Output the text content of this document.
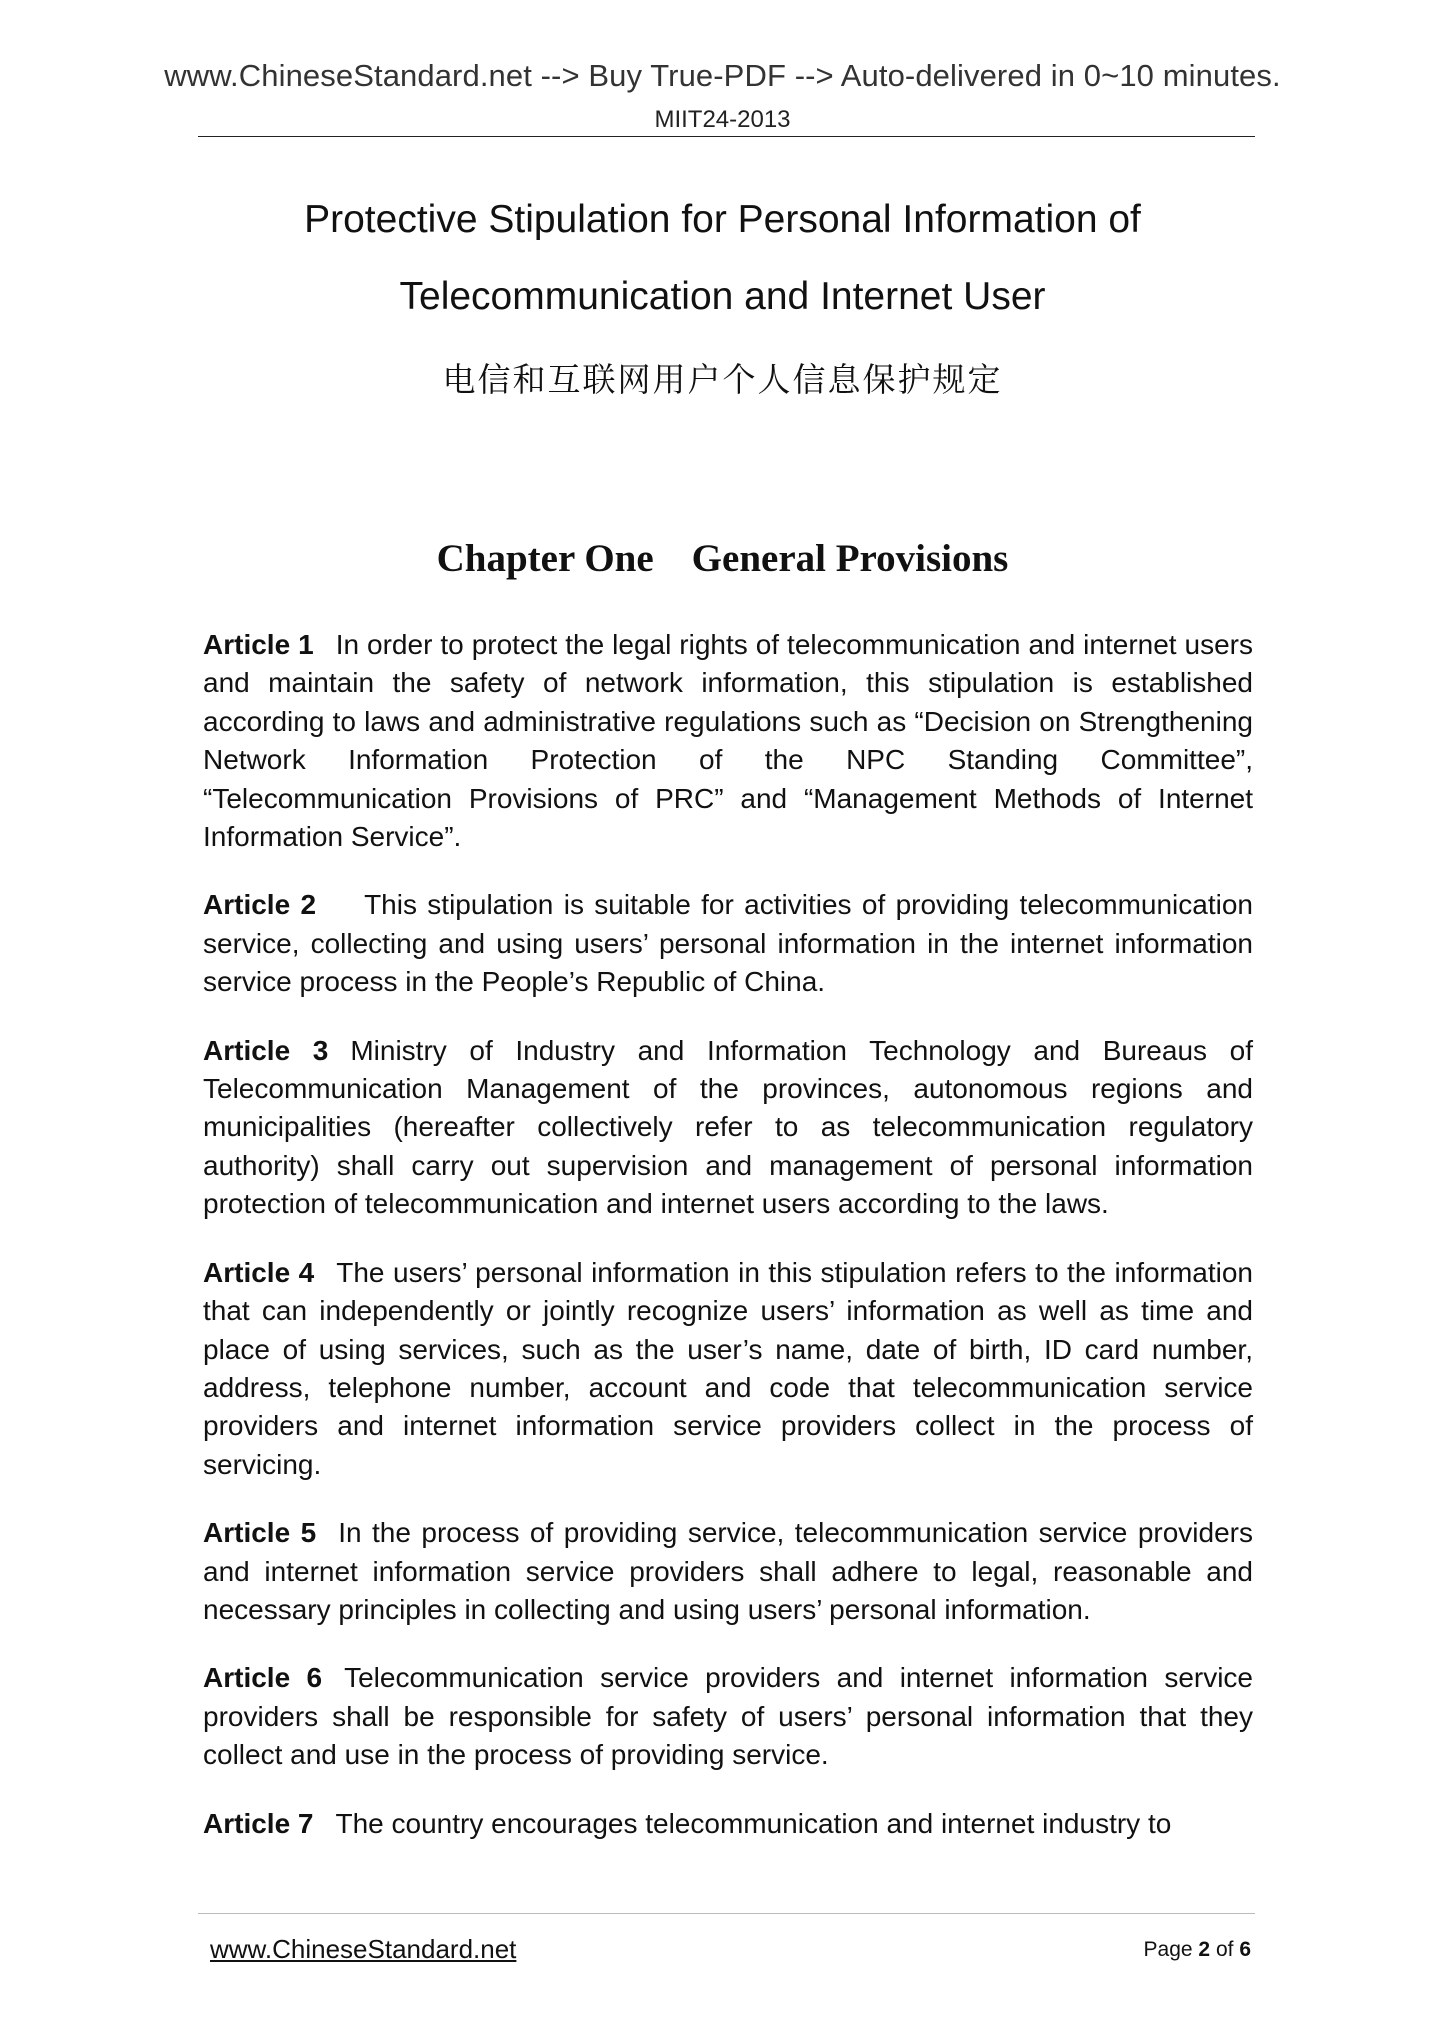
www.ChineseStandard.net --> Buy True-PDF --> Auto-delivered in 0~10 minutes.
MIIT24-2013
Protective Stipulation for Personal Information of
Telecommunication and Internet User
电信和互联网用户个人信息保护规定
Chapter One General Provisions

Article 1 In order to protect the legal rights of telecommunication and internet users and maintain the safety of network information, this stipulation is established according to laws and administrative regulations such as “Decision on Strengthening Network Information Protection of the NPC Standing Committee”, “Telecommunication Provisions of PRC” and “Management Methods of Internet Information Service”.

Article 2 This stipulation is suitable for activities of providing telecommunication service, collecting and using users’ personal information in the internet information service process in the People’s Republic of China.

Article 3 Ministry of Industry and Information Technology and Bureaus of Telecommunication Management of the provinces, autonomous regions and municipalities (hereafter collectively refer to as telecommunication regulatory authority) shall carry out supervision and management of personal information protection of telecommunication and internet users according to the laws.

Article 4 The users’ personal information in this stipulation refers to the information that can independently or jointly recognize users’ information as well as time and place of using services, such as the user’s name, date of birth, ID card number, address, telephone number, account and code that telecommunication service providers and internet information service providers collect in the process of servicing.

Article 5 In the process of providing service, telecommunication service providers and internet information service providers shall adhere to legal, reasonable and necessary principles in collecting and using users’ personal information.

Article 6 Telecommunication service providers and internet information service providers shall be responsible for safety of users’ personal information that they collect and use in the process of providing service.

Article 7 The country encourages telecommunication and internet industry to

www.ChineseStandard.net	Page 2 of 6
